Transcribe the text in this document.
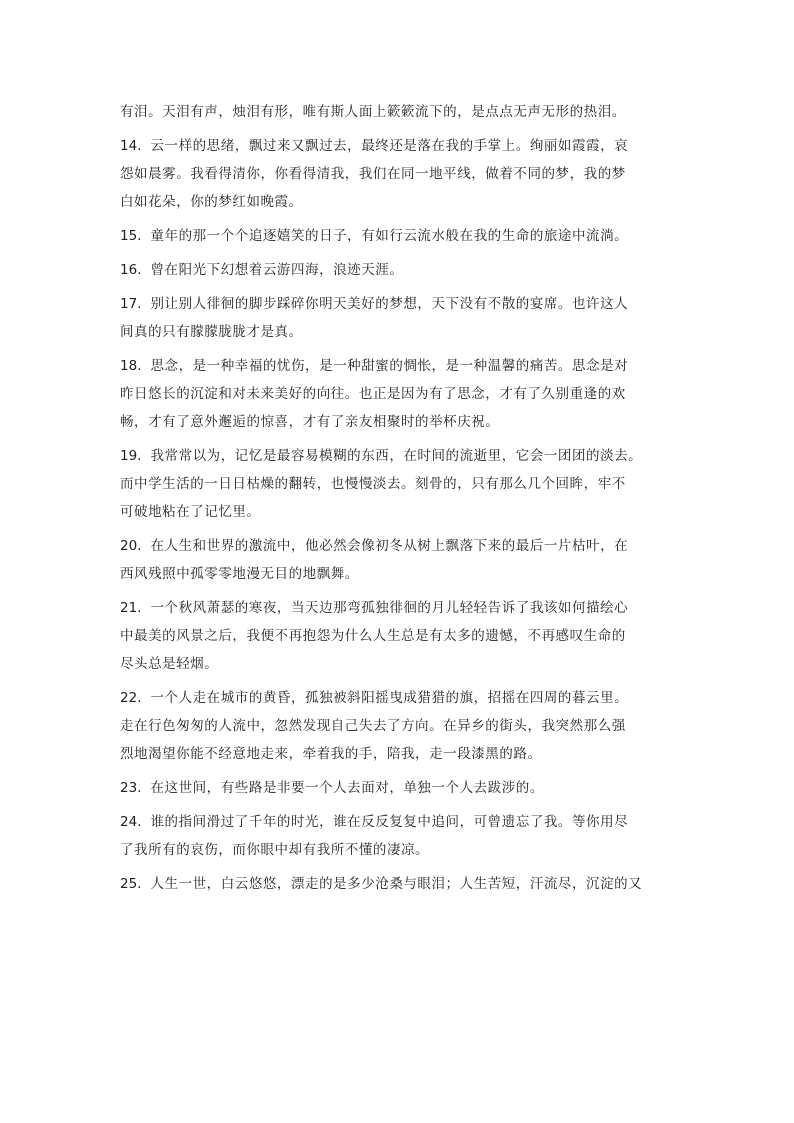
有泪。天泪有声，烛泪有形，唯有斯人面上簌簌流下的，是点点无声无形的热泪。
14. 云一样的思绪，飘过来又飘过去，最终还是落在我的手掌上。绚丽如霞霞，哀
怨如晨雾。我看得清你，你看得清我，我们在同一地平线，做着不同的梦，我的梦
白如花朵，你的梦红如晚霞。
15. 童年的那一个个追逐嬉笑的日子，有如行云流水般在我的生命的旅途中流淌。
16. 曾在阳光下幻想着云游四海，浪迹天涯。
17. 别让别人徘徊的脚步踩碎你明天美好的梦想，天下没有不散的宴席。也许这人
间真的只有朦朦胧胧才是真。
18. 思念，是一种幸福的忧伤，是一种甜蜜的惆怅，是一种温馨的痛苦。思念是对
昨日悠长的沉淀和对未来美好的向往。也正是因为有了思念，才有了久别重逢的欢
畅，才有了意外邂逅的惊喜，才有了亲友相聚时的举杯庆祝。
19. 我常常以为，记忆是最容易模糊的东西，在时间的流逝里，它会一团团的淡去。
而中学生活的一日日枯燥的翻转，也慢慢淡去。刻骨的，只有那么几个回眸，牢不
可破地粘在了记忆里。
20. 在人生和世界的激流中，他必然会像初冬从树上飘落下来的最后一片枯叶，在
西风残照中孤零零地漫无目的地飘舞。
21. 一个秋风萧瑟的寒夜，当天边那弯孤独徘徊的月儿轻轻告诉了我该如何描绘心
中最美的风景之后，我便不再抱怨为什么人生总是有太多的遗憾，不再感叹生命的
尽头总是轻烟。
22. 一个人走在城市的黄昏，孤独被斜阳摇曳成猎猎的旗，招摇在四周的暮云里。
走在行色匆匆的人流中，忽然发现自己失去了方向。在异乡的街头，我突然那么强
烈地渴望你能不经意地走来，牵着我的手，陪我，走一段漆黑的路。
23. 在这世间，有些路是非要一个人去面对，单独一个人去跋涉的。
24. 谁的指间滑过了千年的时光，谁在反反复复中追问，可曾遗忘了我。等你用尽
了我所有的哀伤，而你眼中却有我所不懂的凄凉。
25. 人生一世，白云悠悠，漂走的是多少沧桑与眼泪；人生苦短，汗流尽，沉淀的又
